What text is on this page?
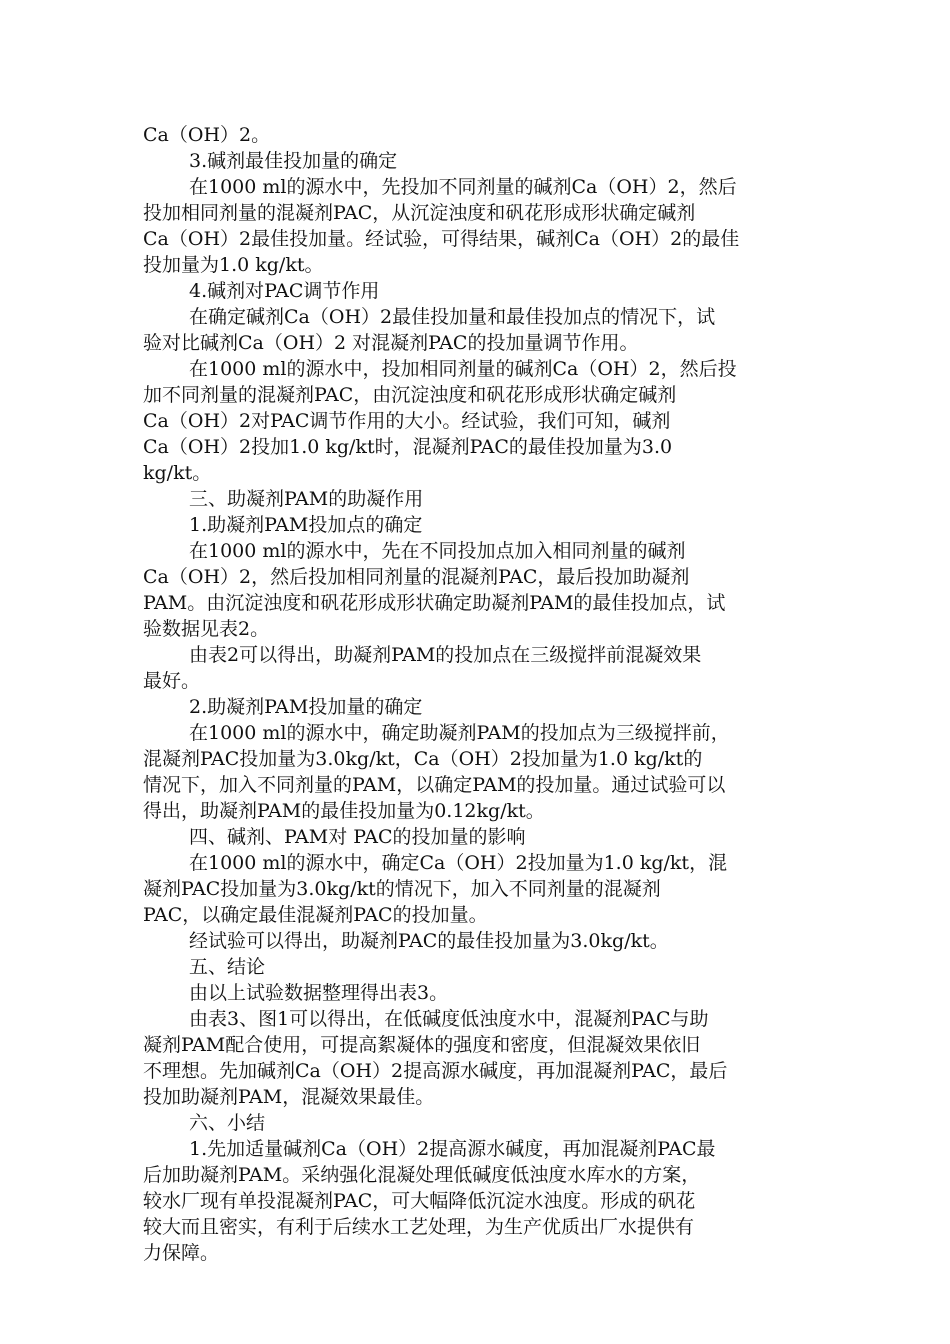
Ca（OH）2。
3.碱剂最佳投加量的确定
在1000 ml的源水中，先投加不同剂量的碱剂Ca（OH）2，然后
投加相同剂量的混凝剂PAC，从沉淀浊度和矾花形成形状确定碱剂
Ca（OH）2最佳投加量。经试验，可得结果，碱剂Ca（OH）2的最佳
投加量为1.0 kg/kt。
4.碱剂对PAC调节作用
在确定碱剂Ca（OH）2最佳投加量和最佳投加点的情况下，试
验对比碱剂Ca（OH）2 对混凝剂PAC的投加量调节作用。
在1000 ml的源水中，投加相同剂量的碱剂Ca（OH）2，然后投
加不同剂量的混凝剂PAC，由沉淀浊度和矾花形成形状确定碱剂
Ca（OH）2对PAC调节作用的大小。经试验，我们可知，碱剂
Ca（OH）2投加1.0 kg/kt时，混凝剂PAC的最佳投加量为3.0
kg/kt。
三、助凝剂PAM的助凝作用
1.助凝剂PAM投加点的确定
在1000 ml的源水中，先在不同投加点加入相同剂量的碱剂
Ca（OH）2，然后投加相同剂量的混凝剂PAC，最后投加助凝剂
PAM。由沉淀浊度和矾花形成形状确定助凝剂PAM的最佳投加点，试
验数据见表2。
由表2可以得出，助凝剂PAM的投加点在三级搅拌前混凝效果
最好。
2.助凝剂PAM投加量的确定
在1000 ml的源水中，确定助凝剂PAM的投加点为三级搅拌前，
混凝剂PAC投加量为3.0kg/kt，Ca（OH）2投加量为1.0 kg/kt的
情况下，加入不同剂量的PAM，以确定PAM的投加量。通过试验可以
得出，助凝剂PAM的最佳投加量为0.12kg/kt。
四、碱剂、PAM对 PAC的投加量的影响
在1000 ml的源水中，确定Ca（OH）2投加量为1.0 kg/kt，混
凝剂PAC投加量为3.0kg/kt的情况下，加入不同剂量的混凝剂
PAC，以确定最佳混凝剂PAC的投加量。
经试验可以得出，助凝剂PAC的最佳投加量为3.0kg/kt。
五、结论
由以上试验数据整理得出表3。
由表3、图1可以得出，在低碱度低浊度水中，混凝剂PAC与助
凝剂PAM配合使用，可提高絮凝体的强度和密度，但混凝效果依旧
不理想。先加碱剂Ca（OH）2提高源水碱度，再加混凝剂PAC，最后
投加助凝剂PAM，混凝效果最佳。
六、小结
1.先加适量碱剂Ca（OH）2提高源水碱度，再加混凝剂PAC最
后加助凝剂PAM。采纳强化混凝处理低碱度低浊度水库水的方案，
较水厂现有单投混凝剂PAC，可大幅降低沉淀水浊度。形成的矾花
较大而且密实，有利于后续水工艺处理，为生产优质出厂水提供有
力保障。
